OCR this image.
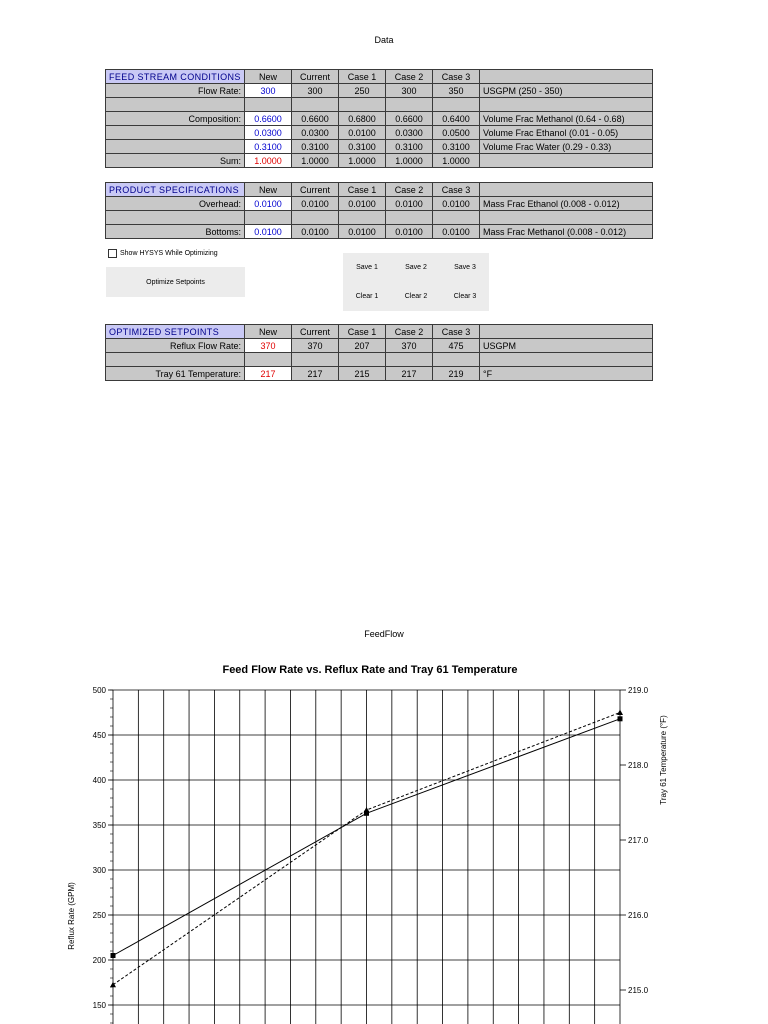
Data
FEED STREAM CONDITIONS	New	Current	Case 1	Case 2	Case 3	
Flow Rate:	300	300	250	300	350	USGPM (250 - 350)

Composition:	0.6600	0.6600	0.6800	0.6600	0.6400	Volume Frac Methanol (0.64 - 0.68)
	0.0300	0.0300	0.0100	0.0300	0.0500	Volume Frac Ethanol (0.01 - 0.05)
	0.3100	0.3100	0.3100	0.3100	0.3100	Volume Frac Water (0.29 - 0.33)
Sum:	1.0000	1.0000	1.0000	1.0000	1.0000	
PRODUCT SPECIFICATIONS	New	Current	Case 1	Case 2	Case 3	
Overhead:	0.0100	0.0100	0.0100	0.0100	0.0100	Mass Frac Ethanol (0.008 - 0.012)

Bottoms:	0.0100	0.0100	0.0100	0.0100	0.0100	Mass Frac Methanol (0.008 - 0.012)
Show HYSYS While Optimizing
Optimize Setpoints
Save 1	Save 2	Save 3
Clear 1	Clear 2	Clear 3
OPTIMIZED SETPOINTS	New	Current	Case 1	Case 2	Case 3	
Reflux Flow Rate:	370	370	207	370	475	USGPM

Tray 61 Temperature:	217	217	215	217	219	°F
FeedFlow
Feed Flow Rate vs. Reflux Rate and Tray 61 Temperature
Reflux Rate (GPM)
Tray 61 Temperature (°F)
150
200
250
300
350
400
450
500
215.0
216.0
217.0
218.0
219.0
